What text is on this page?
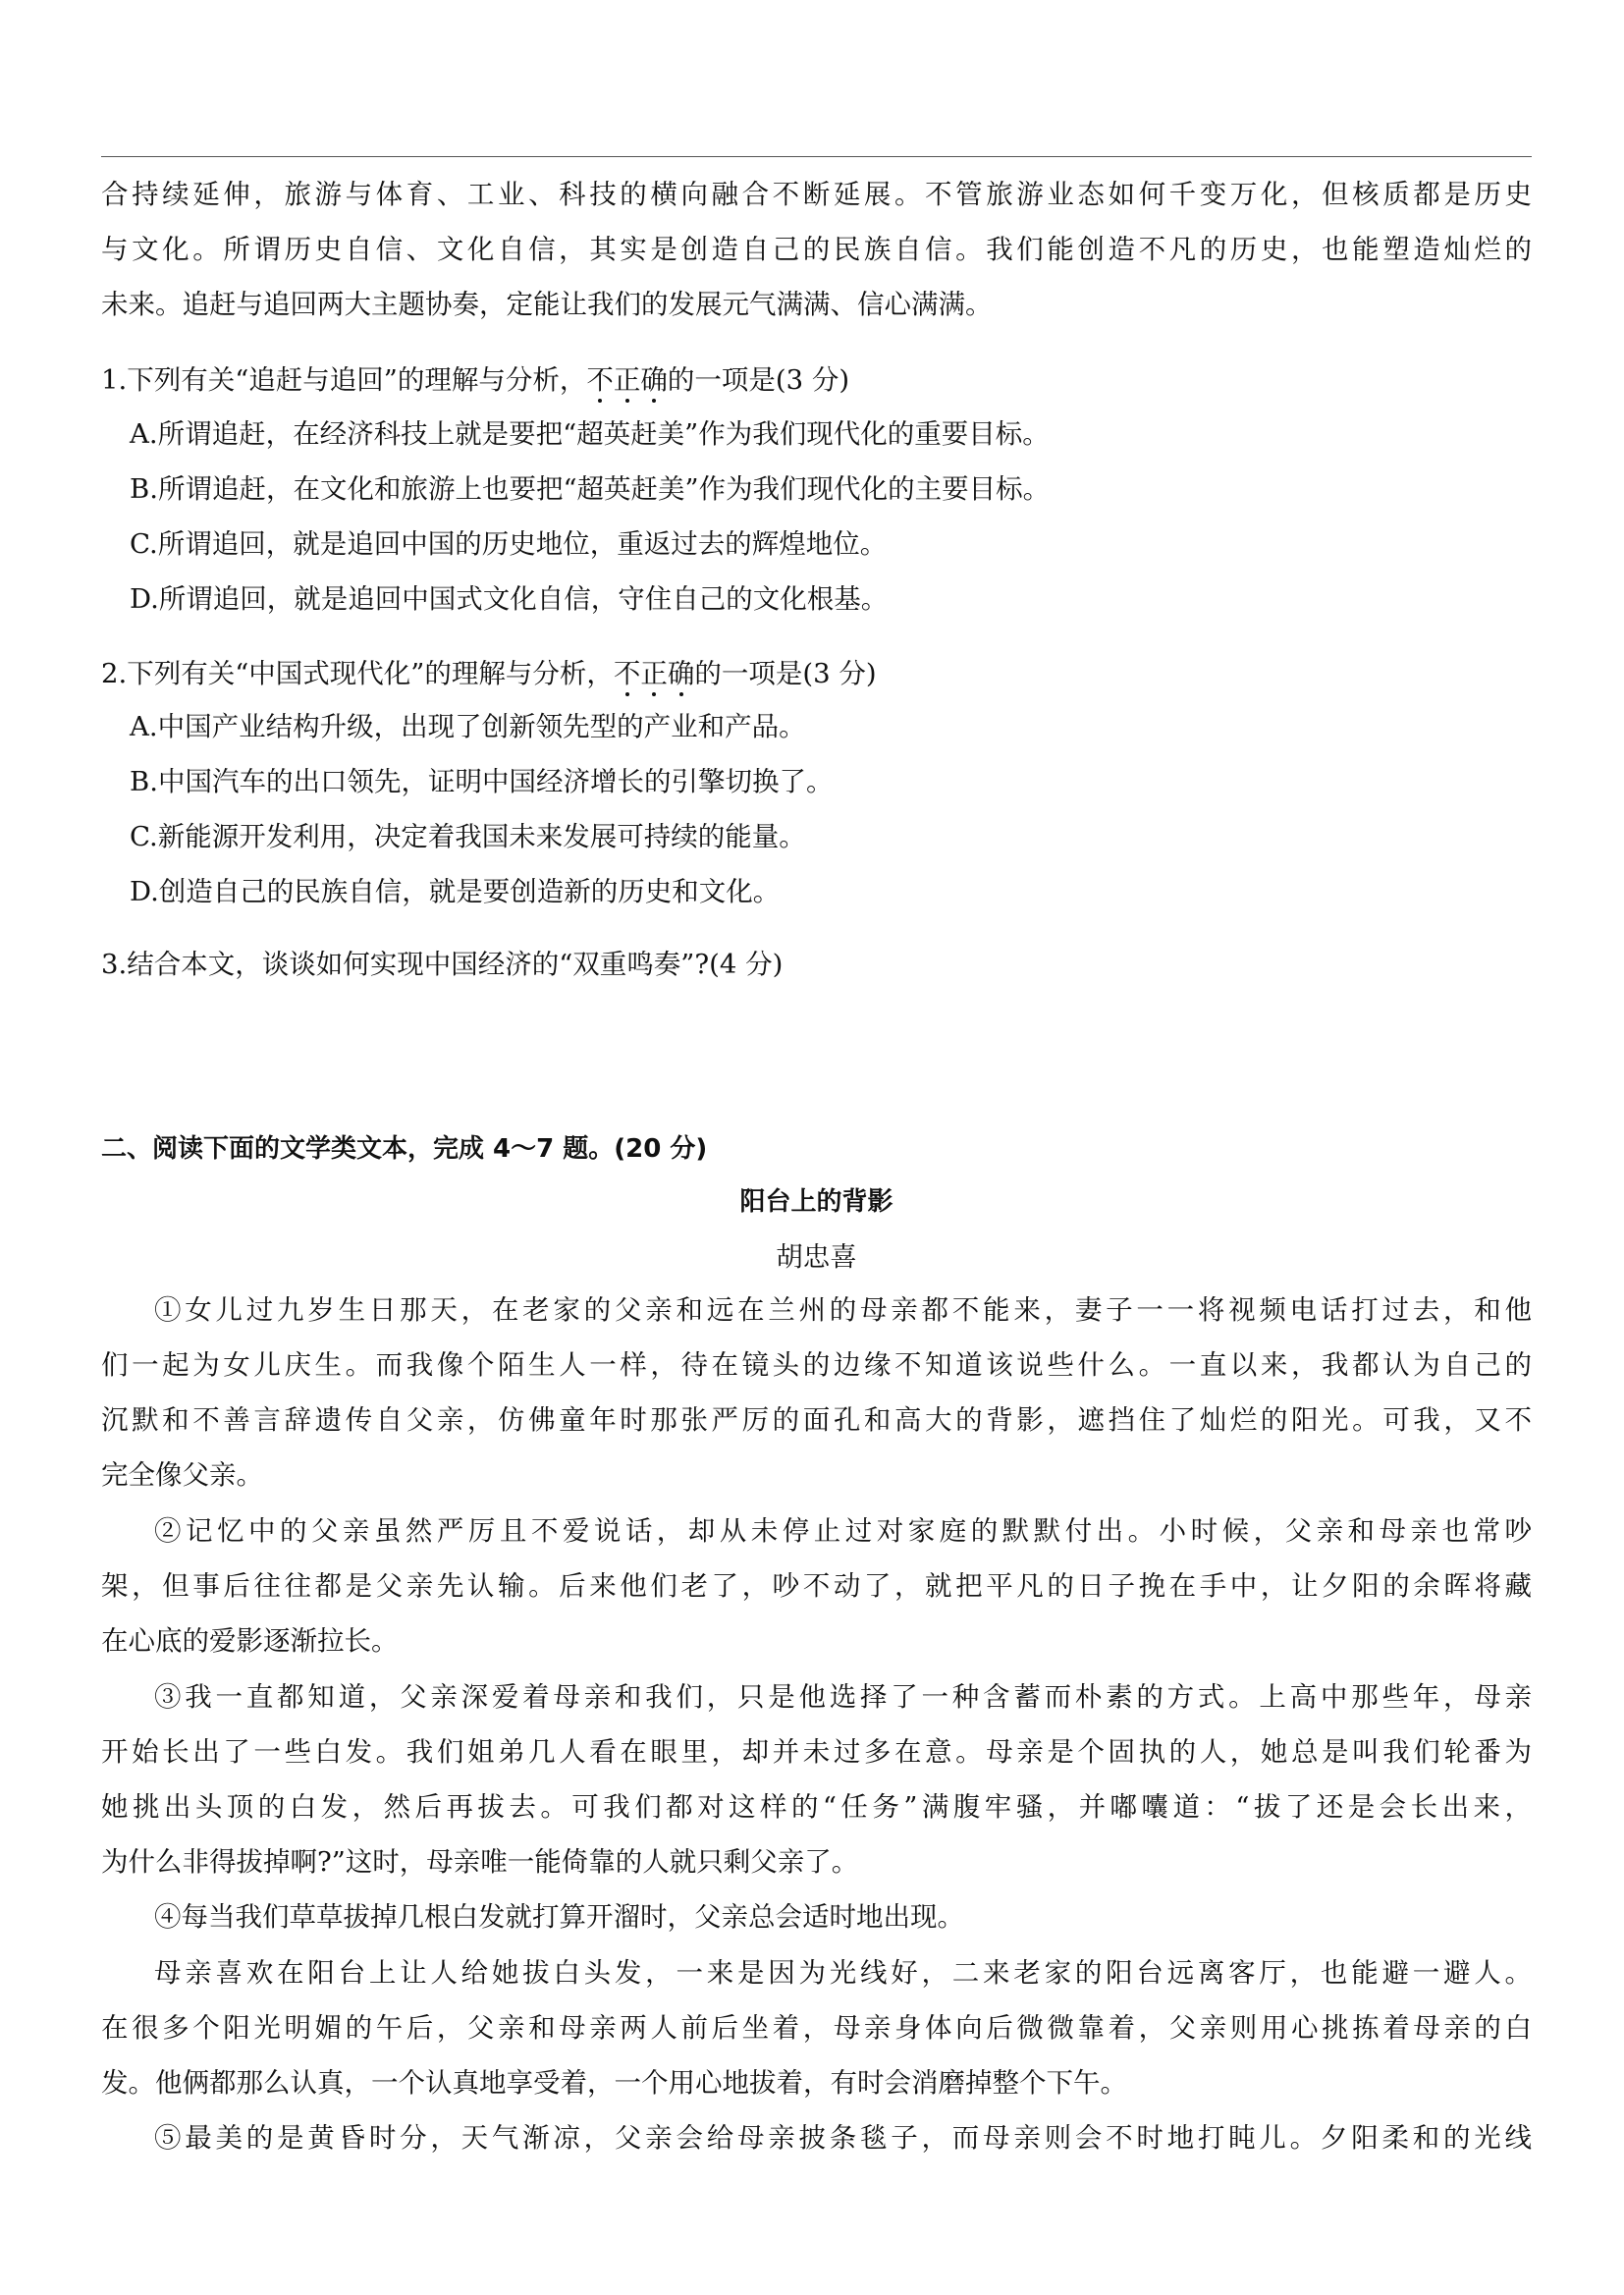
合持续延伸，旅游与体育、工业、科技的横向融合不断延展。不管旅游业态如何千变万化，但核质都是历史
与文化。所谓历史自信、文化自信，其实是创造自己的民族自信。我们能创造不凡的历史，也能塑造灿烂的
未来。追赶与追回两大主题协奏，定能让我们的发展元气满满、信心满满。
1.下列有关“追赶与追回”的理解与分析，不正确的一项是(3 分)
A.所谓追赶，在经济科技上就是要把“超英赶美”作为我们现代化的重要目标。
B.所谓追赶，在文化和旅游上也要把“超英赶美”作为我们现代化的主要目标。
C.所谓追回，就是追回中国的历史地位，重返过去的辉煌地位。
D.所谓追回，就是追回中国式文化自信，守住自己的文化根基。
2.下列有关“中国式现代化”的理解与分析，不正确的一项是(3 分)
A.中国产业结构升级，出现了创新领先型的产业和产品。
B.中国汽车的出口领先，证明中国经济增长的引擎切换了。
C.新能源开发利用，决定着我国未来发展可持续的能量。
D.创造自己的民族自信，就是要创造新的历史和文化。
3.结合本文，谈谈如何实现中国经济的“双重鸣奏”?(4 分)
二、阅读下面的文学类文本，完成 4～7 题。(20 分)
阳台上的背影
胡忠喜
①女儿过九岁生日那天，在老家的父亲和远在兰州的母亲都不能来，妻子一一将视频电话打过去，和他
们一起为女儿庆生。而我像个陌生人一样，待在镜头的边缘不知道该说些什么。一直以来，我都认为自己的
沉默和不善言辞遗传自父亲，仿佛童年时那张严厉的面孔和高大的背影，遮挡住了灿烂的阳光。可我，又不
完全像父亲。
②记忆中的父亲虽然严厉且不爱说话，却从未停止过对家庭的默默付出。小时候，父亲和母亲也常吵
架，但事后往往都是父亲先认输。后来他们老了，吵不动了，就把平凡的日子挽在手中，让夕阳的余晖将藏
在心底的爱影逐渐拉长。
③我一直都知道，父亲深爱着母亲和我们，只是他选择了一种含蓄而朴素的方式。上高中那些年，母亲
开始长出了一些白发。我们姐弟几人看在眼里，却并未过多在意。母亲是个固执的人，她总是叫我们轮番为
她挑出头顶的白发，然后再拔去。可我们都对这样的“任务”满腹牢骚，并嘟囔道：“拔了还是会长出来，
为什么非得拔掉啊?”这时，母亲唯一能倚靠的人就只剩父亲了。
④每当我们草草拔掉几根白发就打算开溜时，父亲总会适时地出现。
母亲喜欢在阳台上让人给她拔白头发，一来是因为光线好，二来老家的阳台远离客厅，也能避一避人。
在很多个阳光明媚的午后，父亲和母亲两人前后坐着，母亲身体向后微微靠着，父亲则用心挑拣着母亲的白
发。他俩都那么认真，一个认真地享受着，一个用心地拔着，有时会消磨掉整个下午。
⑤最美的是黄昏时分，天气渐凉，父亲会给母亲披条毯子，而母亲则会不时地打盹儿。夕阳柔和的光线
